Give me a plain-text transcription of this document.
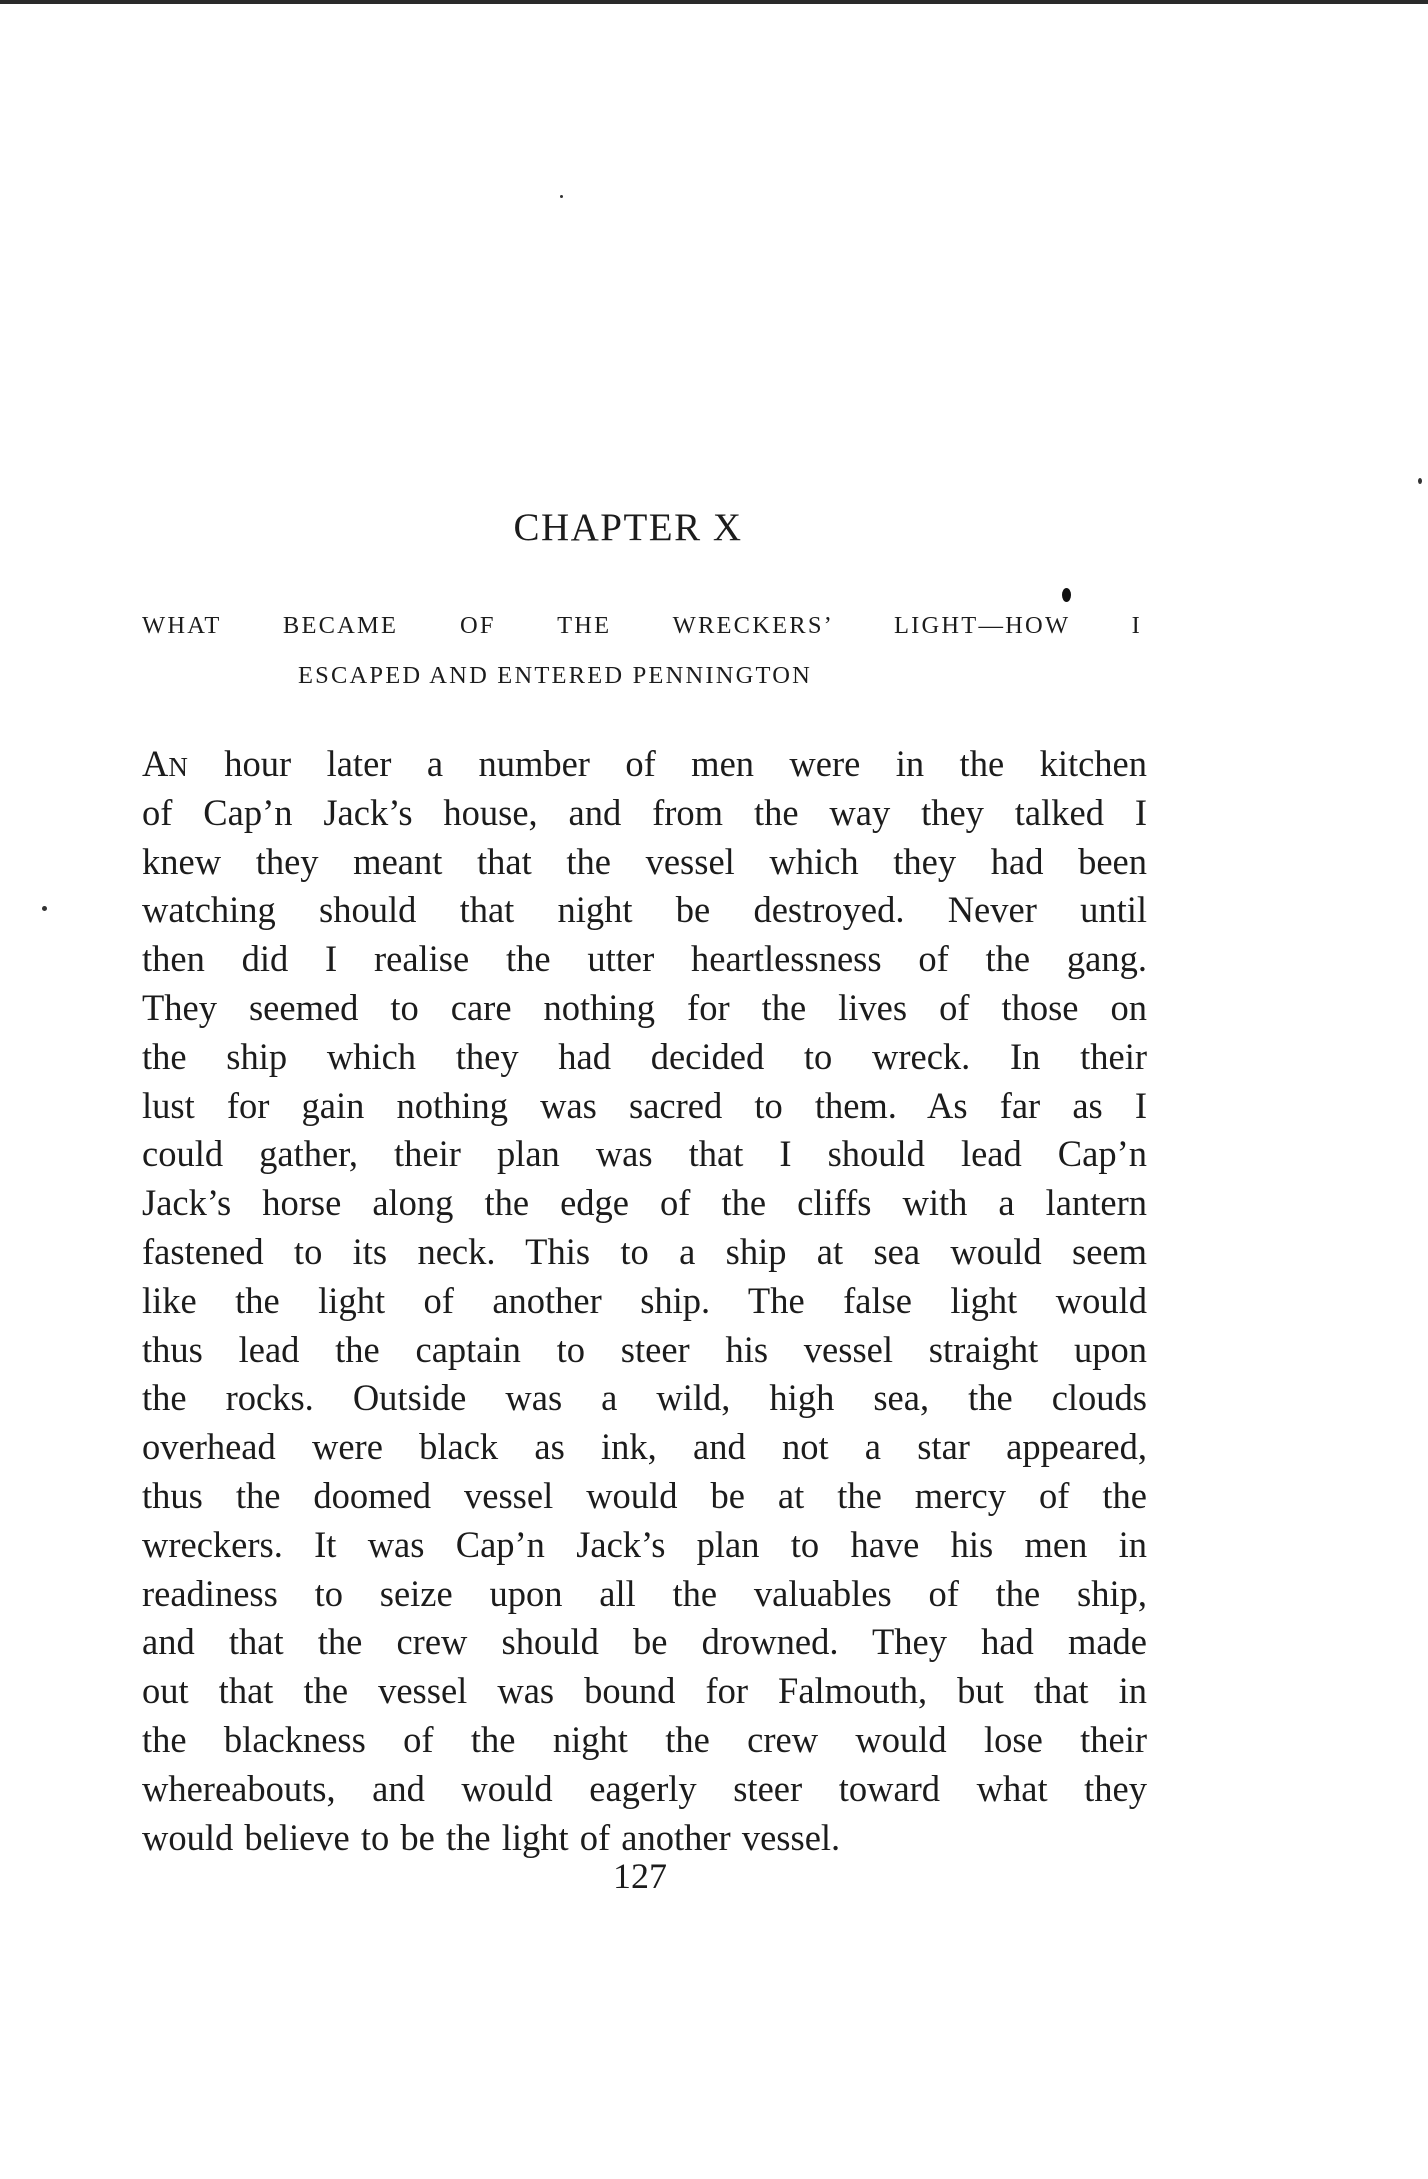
CHAPTER X

WHAT BECAME OF THE WRECKERS’ LIGHT—HOW I

ESCAPED AND ENTERED PENNINGTON

AN hour later a number of men were in the kitchen
of Cap’n Jack’s house, and from the way they talked I
knew they meant that the vessel which they had been
watching should that night be destroyed. Never until
then did I realise the utter heartlessness of the gang.
They seemed to care nothing for the lives of those on
the ship which they had decided to wreck. In their
lust for gain nothing was sacred to them. As far as I
could gather, their plan was that I should lead Cap’n
Jack’s horse along the edge of the cliffs with a lantern
fastened to its neck. This to a ship at sea would seem
like the light of another ship. The false light would
thus lead the captain to steer his vessel straight upon
the rocks. Outside was a wild, high sea, the clouds
overhead were black as ink, and not a star appeared,
thus the doomed vessel would be at the mercy of the
wreckers. It was Cap’n Jack’s plan to have his men in
readiness to seize upon all the valuables of the ship,
and that the crew should be drowned. They had made
out that the vessel was bound for Falmouth, but that in
the blackness of the night the crew would lose their
whereabouts, and would eagerly steer toward what they
would believe to be the light of another vessel.

127
